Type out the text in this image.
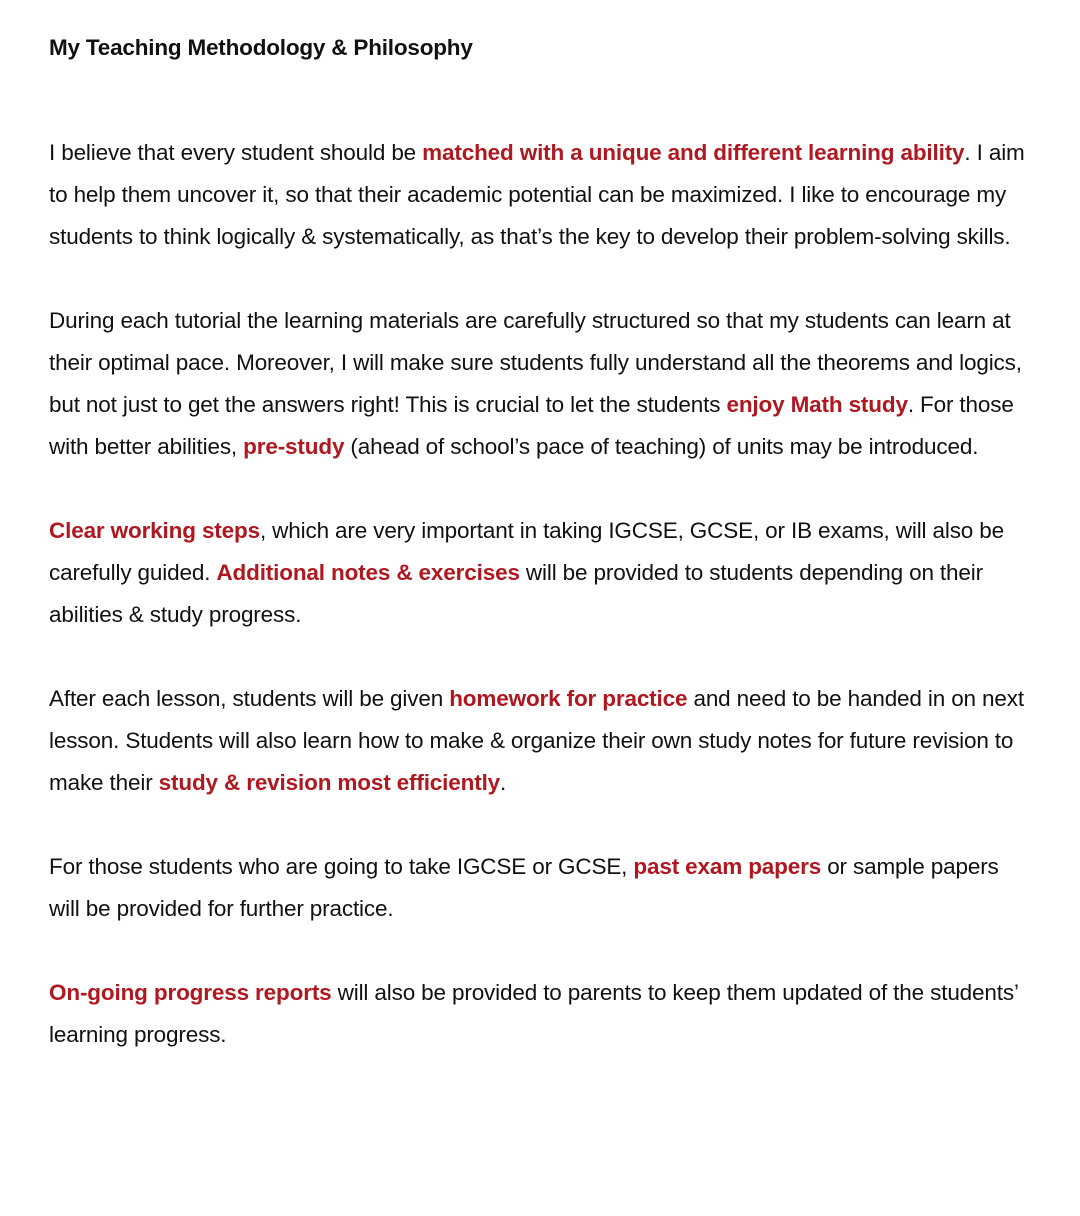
My Teaching Methodology & Philosophy

I believe that every student should be matched with a unique and different learning ability. I aim to help them uncover it, so that their academic potential can be maximized. I like to encourage my students to think logically & systematically, as that’s the key to develop their problem-solving skills.

During each tutorial the learning materials are carefully structured so that my students can learn at their optimal pace. Moreover, I will make sure students fully understand all the theorems and logics, but not just to get the answers right! This is crucial to let the students enjoy Math study. For those with better abilities, pre-study (ahead of school’s pace of teaching) of units may be introduced.

Clear working steps, which are very important in taking IGCSE, GCSE, or IB exams, will also be carefully guided. Additional notes & exercises will be provided to students depending on their abilities & study progress.

After each lesson, students will be given homework for practice and need to be handed in on next lesson. Students will also learn how to make & organize their own study notes for future revision to make their study & revision most efficiently.

For those students who are going to take IGCSE or GCSE, past exam papers or sample papers will be provided for further practice.

On-going progress reports will also be provided to parents to keep them updated of the students’ learning progress.
